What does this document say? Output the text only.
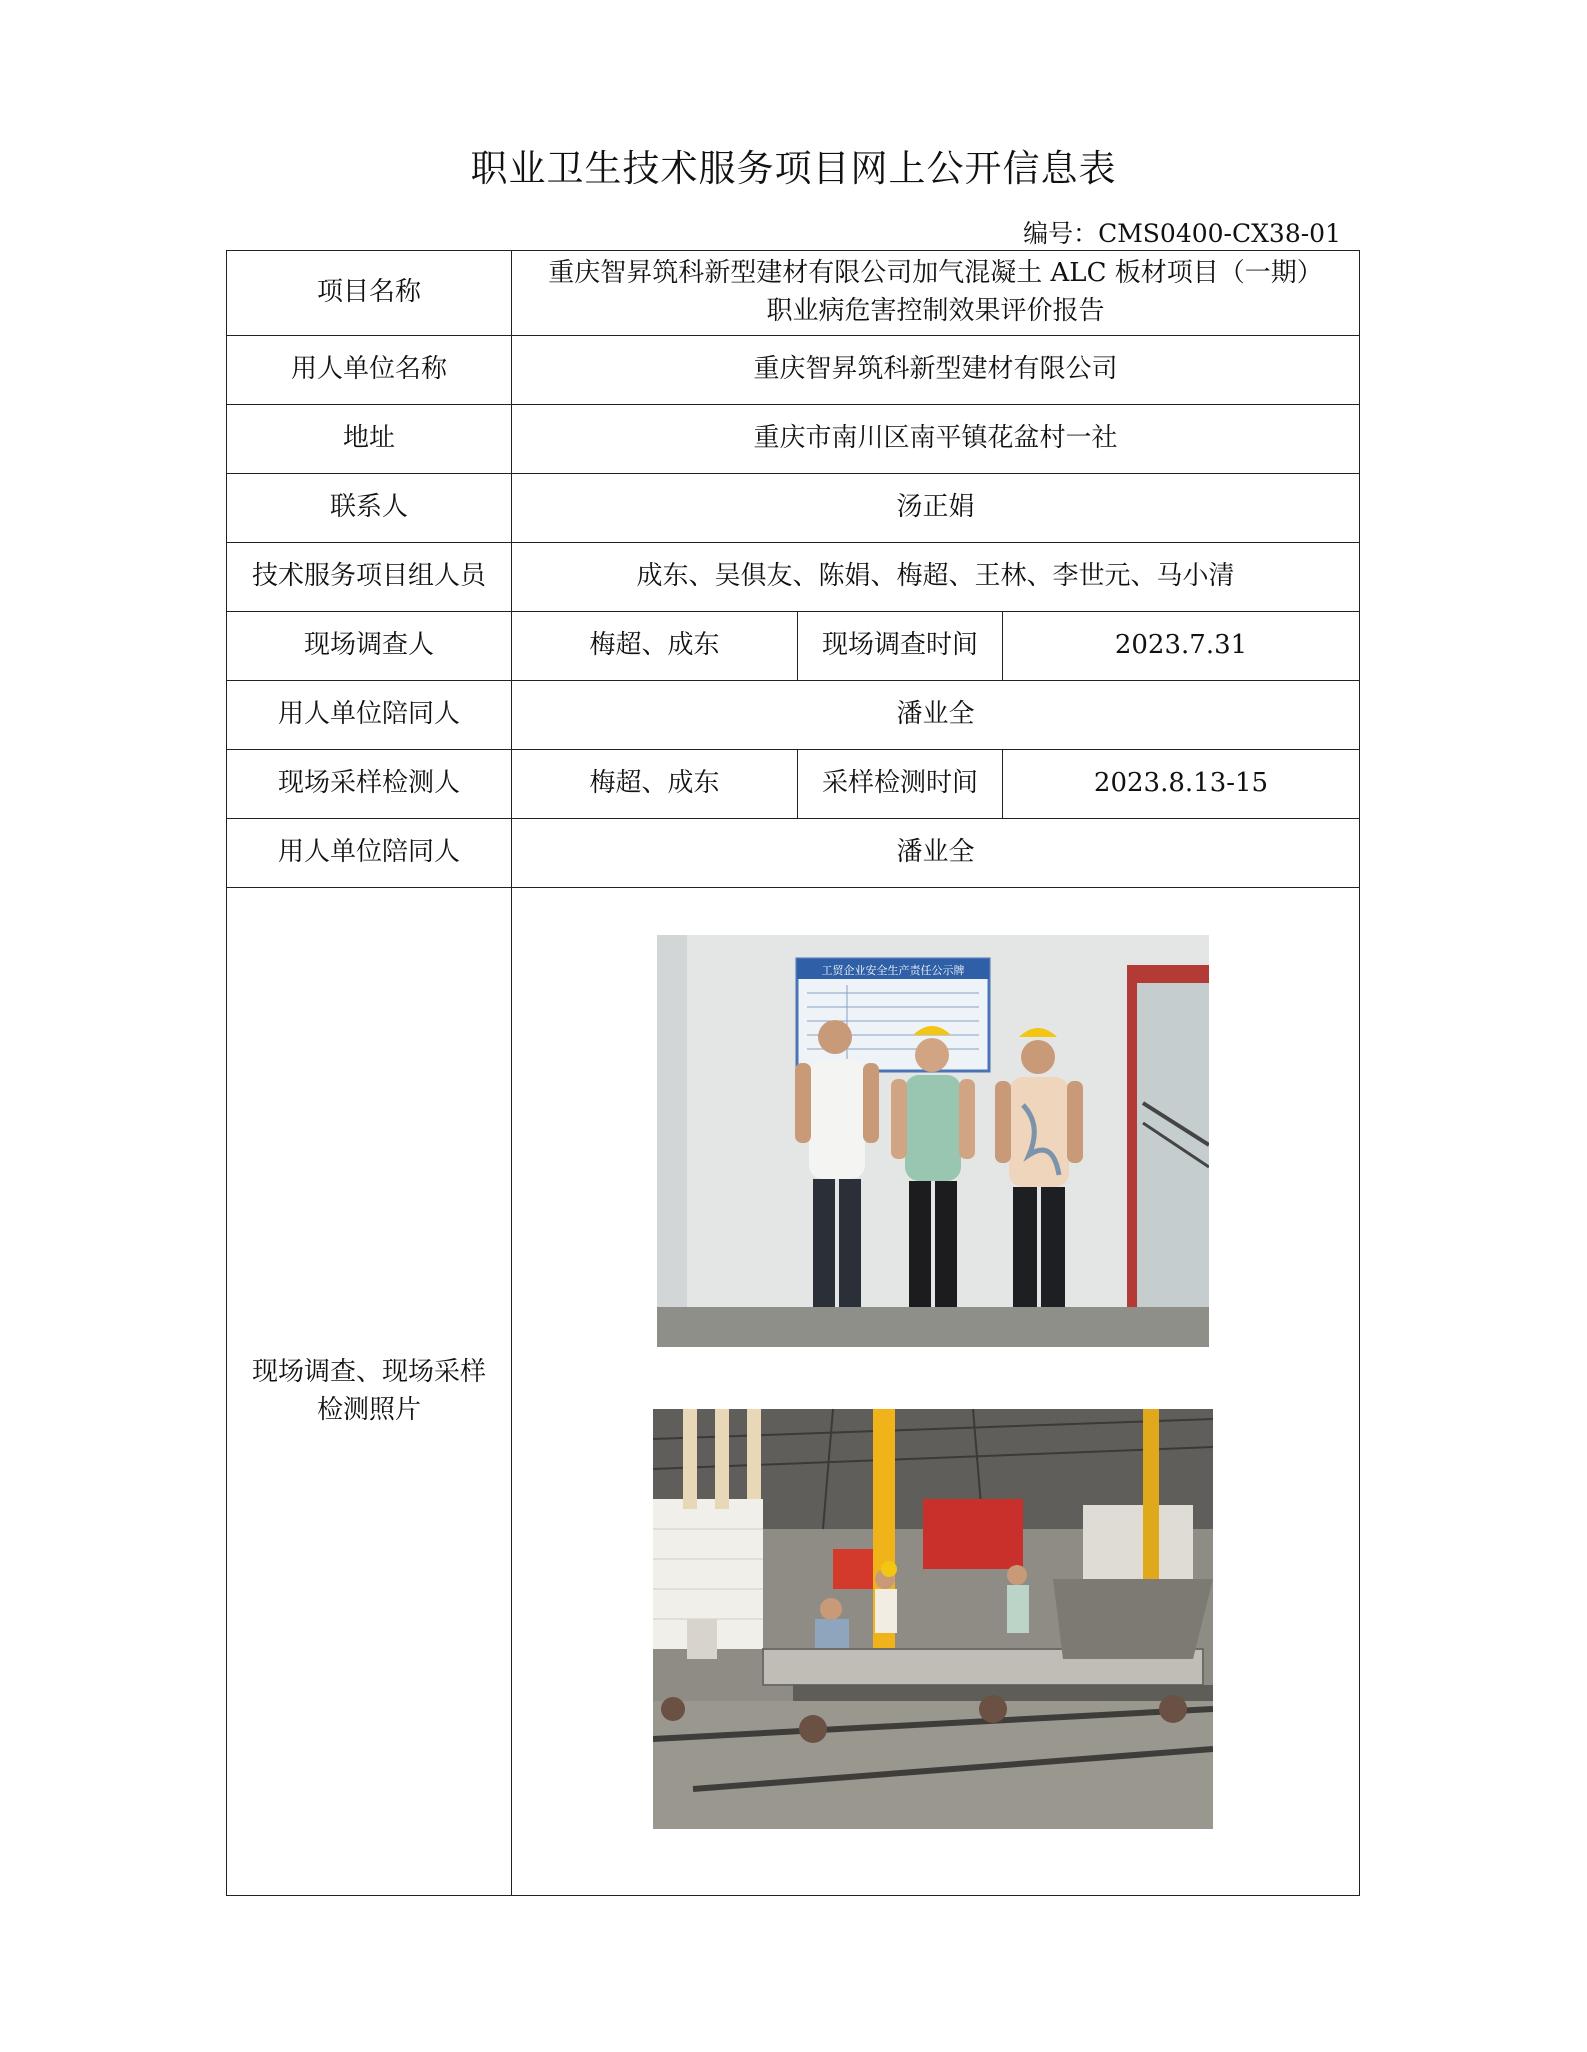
职业卫生技术服务项目网上公开信息表
编号：CMS0400-CX38-01
项目名称	重庆智昇筑科新型建材有限公司加气混凝土 ALC 板材项目（一期）
职业病危害控制效果评价报告		

用人单位名称	重庆智昇筑科新型建材有限公司		
地址	重庆市南川区南平镇花盆村一社		
联系人	汤正娟		
技术服务项目组人员	成东、吴俱友、陈娟、梅超、王林、李世元、马小清		
现场调查人	梅超、成东	现场调查时间	2023.7.31
用人单位陪同人	潘业全		
现场采样检测人	梅超、成东	采样检测时间	2023.8.13-15
用人单位陪同人	潘业全		

现场调查、现场采样
检测照片	工贸企业安全生产责任公示牌		
